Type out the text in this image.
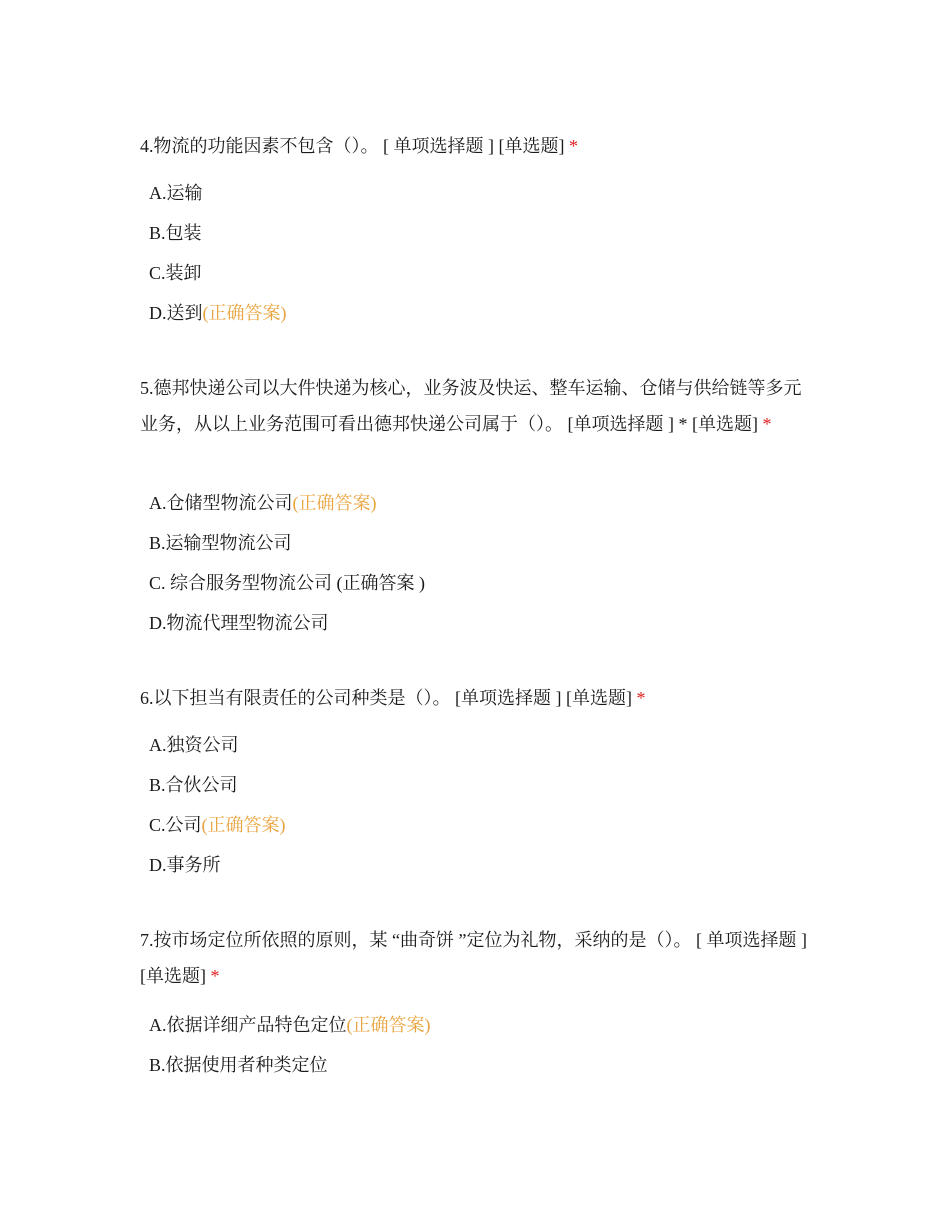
4.物流的功能因素不包含（）。 [ 单项选择题 ] [单选题] *

A.运输
B.包装
C.装卸
D.送到(正确答案)

5.德邦快递公司以大件快递为核心，业务波及快运、整车运输、仓储与供给链等多元业务，从以上业务范围可看出德邦快递公司属于（）。 [单项选择题 ] * [单选题] *

A.仓储型物流公司(正确答案)
B.运输型物流公司
C. 综合服务型物流公司 (正确答案 )
D.物流代理型物流公司

6.以下担当有限责任的公司种类是（）。 [单项选择题 ] [单选题] *

A.独资公司
B.合伙公司
C.公司(正确答案)
D.事务所

7.按市场定位所依照的原则，某 “曲奇饼 ”定位为礼物，采纳的是（）。 [ 单项选择题 ] [单选题] *

A.依据详细产品特色定位(正确答案)
B.依据使用者种类定位
